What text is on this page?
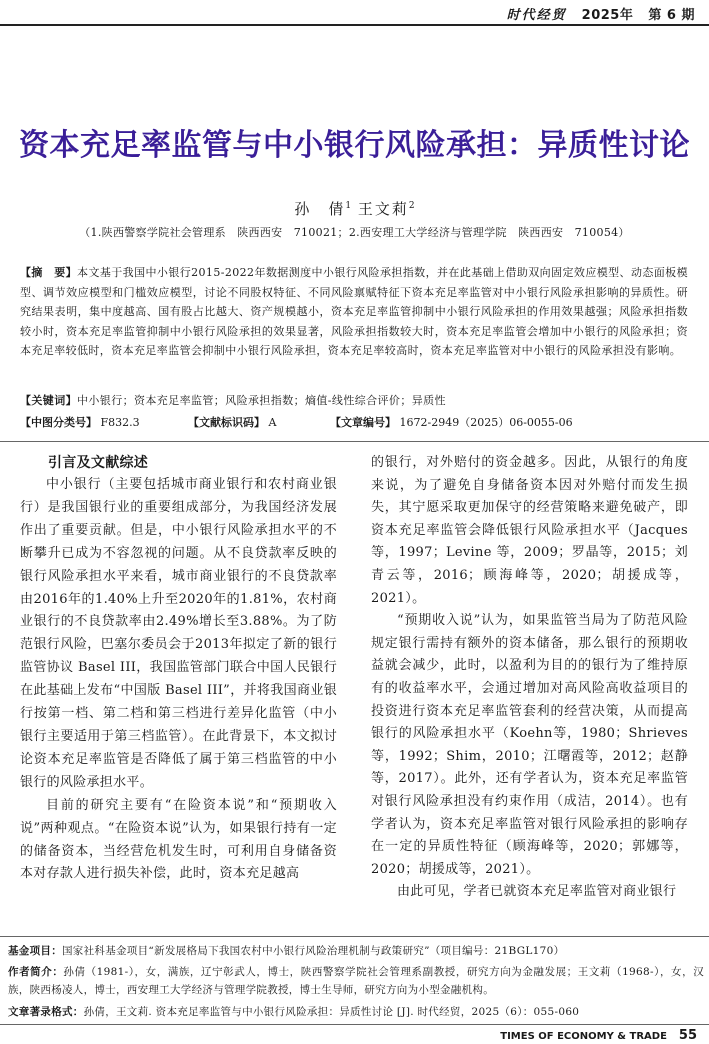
时代经贸 2025年 第 6 期
资本充足率监管与中小银行风险承担：异质性讨论
孙　倩$^1$ 王文莉$^2$
（1.陕西警察学院社会管理系　陕西西安　710021；2.西安理工大学经济与管理学院　陕西西安　710054）
【摘　要】本文基于我国中小银行2015-2022年数据测度中小银行风险承担指数，并在此基础上借助双向固定效应模型、动态面板模型、调节效应模型和门槛效应模型，讨论不同股权特征、不同风险禀赋特征下资本充足率监管对中小银行风险承担影响的异质性。研究结果表明，集中度越高、国有股占比越大、资产规模越小，资本充足率监管抑制中小银行风险承担的作用效果越强；风险承担指数较小时，资本充足率监管抑制中小银行风险承担的效果显著，风险承担指数较大时，资本充足率监管会增加中小银行的风险承担；资本充足率较低时，资本充足率监管会抑制中小银行风险承担，资本充足率较高时，资本充足率监管对中小银行的风险承担没有影响。
【关键词】中小银行；资本充足率监管；风险承担指数；熵值-线性综合评价；异质性
【中图分类号】 F832.3	【文献标识码】 A	【文章编号】 1672-2949（2025）06-0055-06

引言及文献综述

中小银行（主要包括城市商业银行和农村商业银行）是我国银行业的重要组成部分，为我国经济发展作出了重要贡献。但是，中小银行风险承担水平的不断攀升已成为不容忽视的问题。从不良贷款率反映的银行风险承担水平来看，城市商业银行的不良贷款率由2016年的1.40%上升至2020年的1.81%，农村商业银行的不良贷款率由2.49%增长至3.88%。为了防范银行风险，巴塞尔委员会于2013年拟定了新的银行监管协议 Basel III，我国监管部门联合中国人民银行在此基础上发布“中国版 Basel III”，并将我国商业银行按第一档、第二档和第三档进行差异化监管（中小银行主要适用于第三档监管）。在此背景下，本文拟讨论资本充足率监管是否降低了属于第三档监管的中小银行的风险承担水平。

目前的研究主要有“在险资本说”和“预期收入说”两种观点。“在险资本说”认为，如果银行持有一定的储备资本，当经营危机发生时，可利用自身储备资本对存款人进行损失补偿，此时，资本充足越高

的银行，对外赔付的资金越多。因此，从银行的角度来说，为了避免自身储备资本因对外赔付而发生损失，其宁愿采取更加保守的经营策略来避免破产，即资本充足率监管会降低银行风险承担水平（Jacques等，1997；Levine 等，2009；罗晶等，2015；刘青云等，2016；顾海峰等，2020；胡援成等，2021）。

“预期收入说”认为，如果监管当局为了防范风险规定银行需持有额外的资本储备，那么银行的预期收益就会减少，此时，以盈利为目的的银行为了维持原有的收益率水平，会通过增加对高风险高收益项目的投资进行资本充足率监管套利的经营决策，从而提高银行的风险承担水平（Koehn等，1980；Shrieves等，1992；Shim，2010；江曙霞等，2012；赵静等，2017）。此外，还有学者认为，资本充足率监管对银行风险承担没有约束作用（成洁，2014）。也有学者认为，资本充足率监管对银行风险承担的影响存在一定的异质性特征（顾海峰等，2020；郭娜等，2020；胡援成等，2021）。

由此可见，学者已就资本充足率监管对商业银行

基金项目：国家社科基金项目“新发展格局下我国农村中小银行风险治理机制与政策研究”（项目编号：21BGL170）
作者简介：孙倩（1981-），女，满族，辽宁彰武人，博士，陕西警察学院社会管理系副教授，研究方向为金融发展；王文莉（1968-），女，汉族，陕西杨凌人，博士，西安理工大学经济与管理学院教授，博士生导师，研究方向为小型金融机构。
文章著录格式：孙倩，王文莉. 资本充足率监管与中小银行风险承担：异质性讨论 [J]. 时代经贸，2025（6）：055-060
TIMES OF ECONOMY & TRADE 55
